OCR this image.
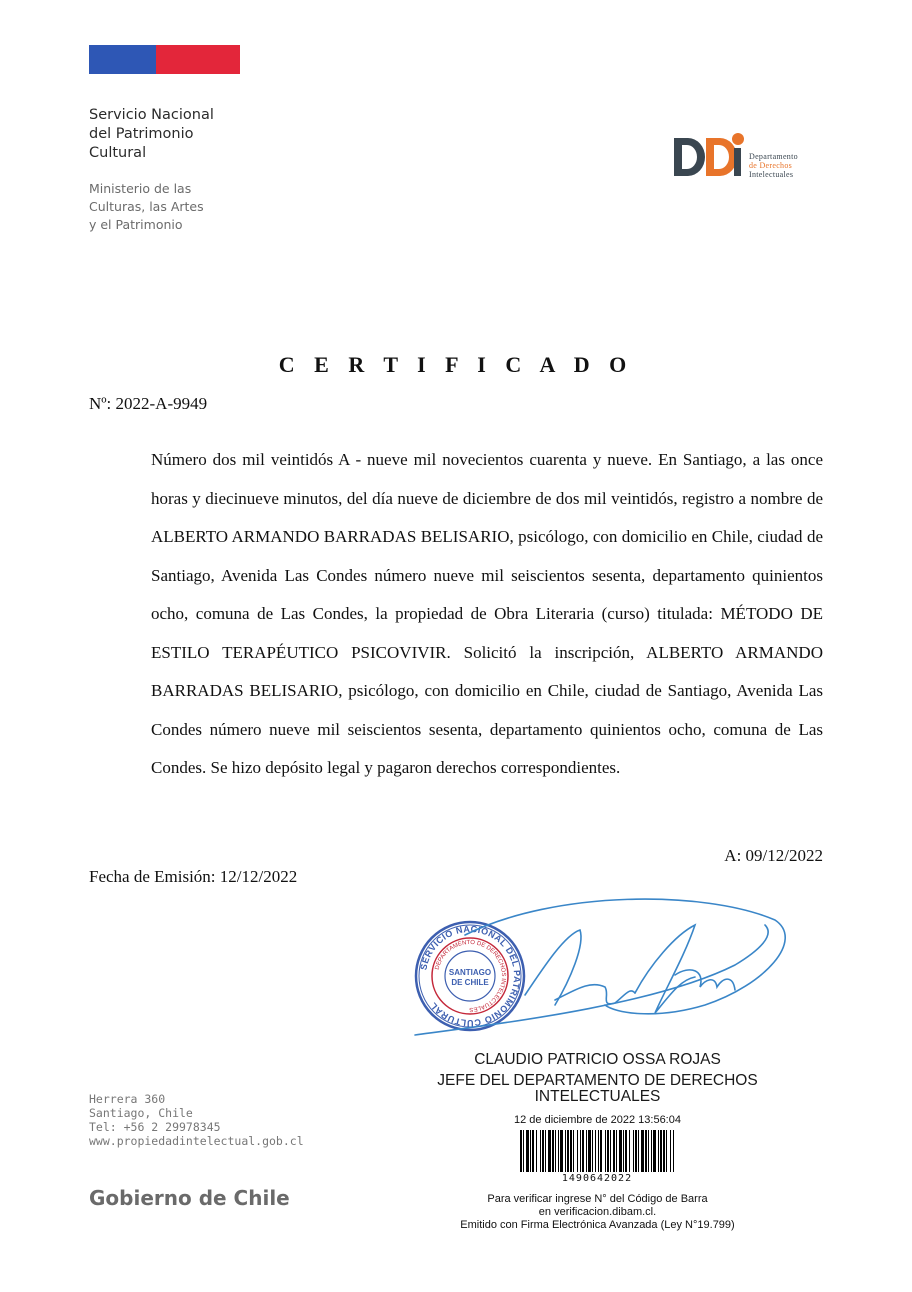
Servicio Nacional
del Patrimonio
Cultural
Ministerio de las
Culturas, las Artes
y el Patrimonio
Departamento
de Derechos
Intelectuales
C E R T I F I C A D O
Nº: 2022-A-9949
Número dos mil veintidós A - nueve mil novecientos cuarenta y nueve. En Santiago, a las once horas y diecinueve minutos, del día nueve de diciembre de dos mil veintidós, registro a nombre de ALBERTO ARMANDO BARRADAS BELISARIO, psicólogo, con domicilio en Chile, ciudad de Santiago, Avenida Las Condes número nueve mil seiscientos sesenta, departamento quinientos ocho, comuna de Las Condes, la propiedad de Obra Literaria (curso) titulada: MÉTODO DE ESTILO TERAPÉUTICO PSICOVIVIR. Solicitó la inscripción, ALBERTO ARMANDO BARRADAS BELISARIO, psicólogo, con domicilio en Chile, ciudad de Santiago, Avenida Las Condes número nueve mil seiscientos sesenta, departamento quinientos ocho, comuna de Las Condes. Se hizo depósito legal y pagaron derechos correspondientes.
A: 09/12/2022
Fecha de Emisión: 12/12/2022
SERVICIO NACIONAL DEL PATRIMONIO CULTURAL
DEPARTAMENTO DE DERECHOS INTELECTUALES
SANTIAGO
DE CHILE
CLAUDIO PATRICIO OSSA ROJAS
JEFE DEL DEPARTAMENTO DE DERECHOS
INTELECTUALES
12 de diciembre de 2022 13:56:04
1490642022
Para verificar ingrese N° del Código de Barra
en verificacion.dibam.cl.
Emitido con Firma Electrónica Avanzada (Ley N°19.799)
Herrera 360
Santiago, Chile
Tel: +56 2 29978345
www.propiedadintelectual.gob.cl
Gobierno de Chile
